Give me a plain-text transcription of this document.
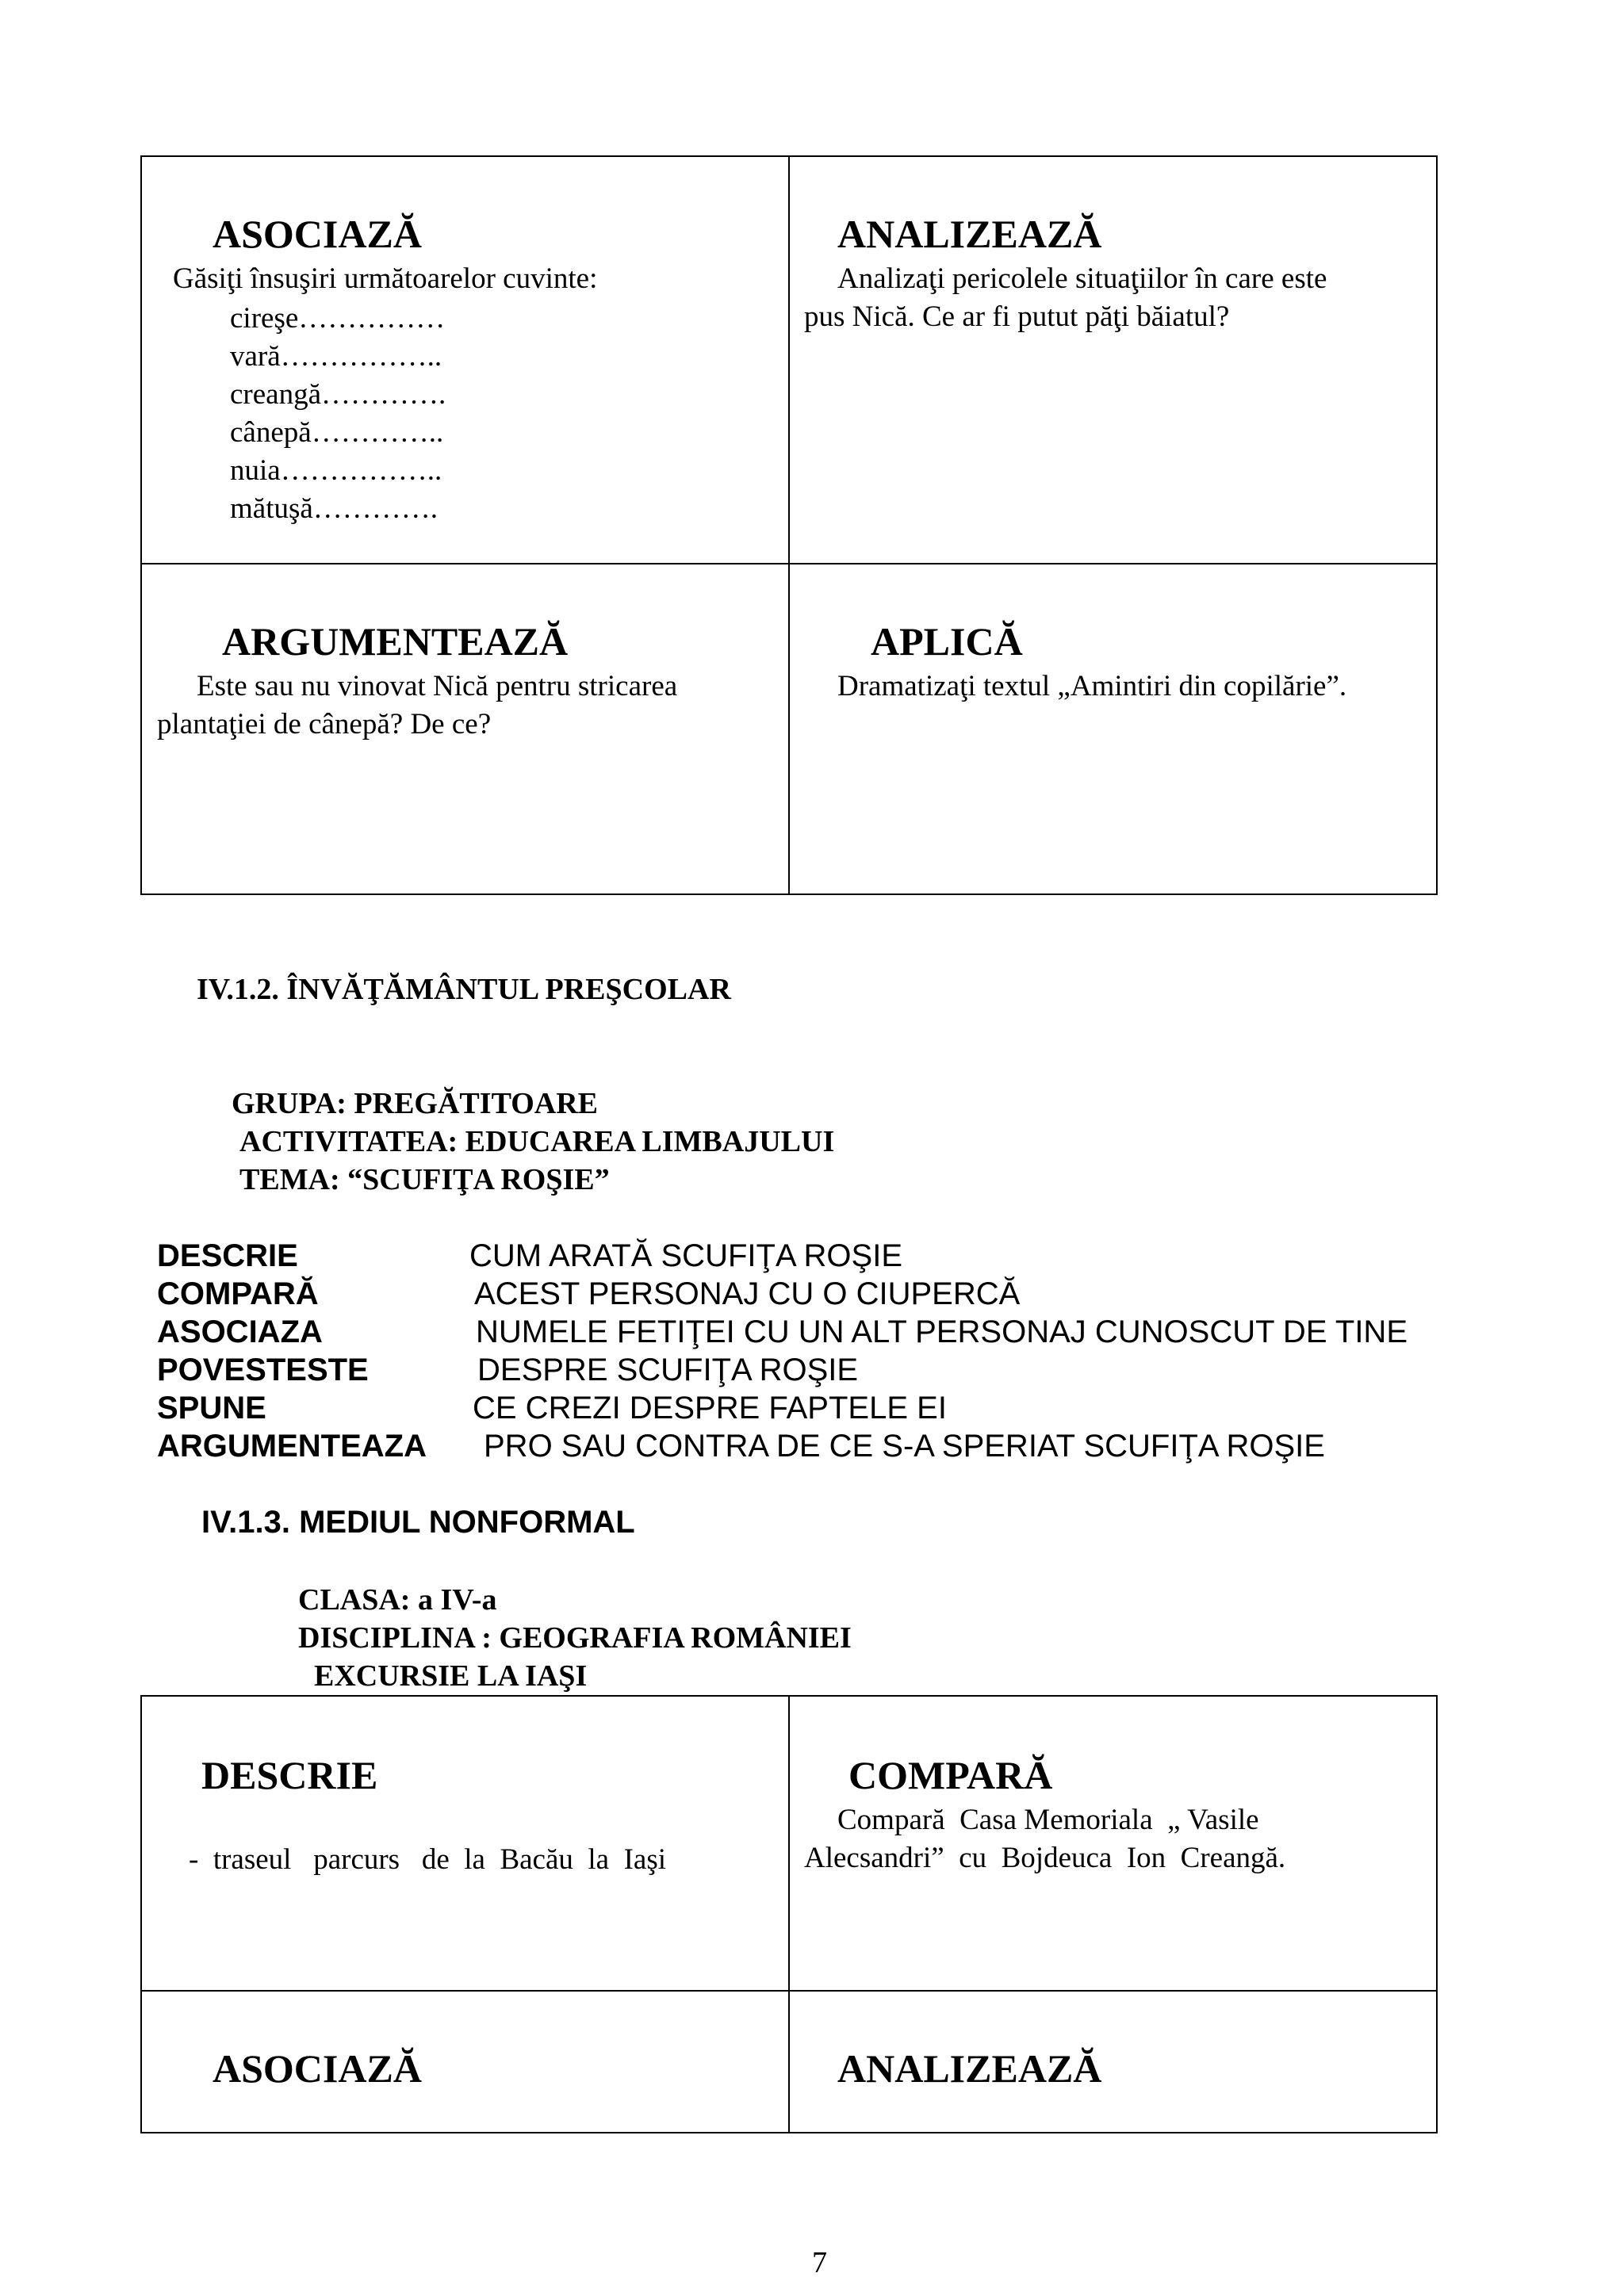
ASOCIAZĂ
Găsiţi însuşiri următoarelor cuvinte:
cireşe……………
vară……………..
creangă………….
cânepă…………..
nuia……………..
mătuşă………….
ANALIZEAZĂ
Analizaţi pericolele situaţiilor în care este
pus Nică. Ce ar fi putut păţi băiatul?
ARGUMENTEAZĂ
Este sau nu vinovat Nică pentru stricarea
plantaţiei de cânepă? De ce?
APLICĂ
Dramatizaţi textul „Amintiri din copilărie”.
IV.1.2. ÎNVĂŢĂMÂNTUL PREŞCOLAR
GRUPA: PREGĂTITOARE
ACTIVITATEA: EDUCAREA LIMBAJULUI
TEMA: “SCUFIŢA ROŞIE”
DESCRIE	CUM ARATĂ SCUFIŢA ROŞIE
COMPARĂ	ACEST PERSONAJ CU O CIUPERCĂ
ASOCIAZA	NUMELE FETIŢEI CU UN ALT PERSONAJ CUNOSCUT DE TINE
POVESTESTE	DESPRE SCUFIŢA ROŞIE
SPUNE	CE CREZI DESPRE FAPTELE EI
ARGUMENTEAZA PRO SAU CONTRA DE CE S-A SPERIAT SCUFIŢA ROŞIE
IV.1.3. MEDIUL NONFORMAL
CLASA: a IV-a
DISCIPLINA : GEOGRAFIA ROMÂNIEI
EXCURSIE LA IAŞI
DESCRIE
-  traseul   parcurs   de  la  Bacău  la  Iaşi
COMPARĂ
Compară  Casa Memoriala  „ Vasile
Alecsandri”  cu  Bojdeuca  Ion  Creangă.
ASOCIAZĂ	ANALIZEAZĂ
7
